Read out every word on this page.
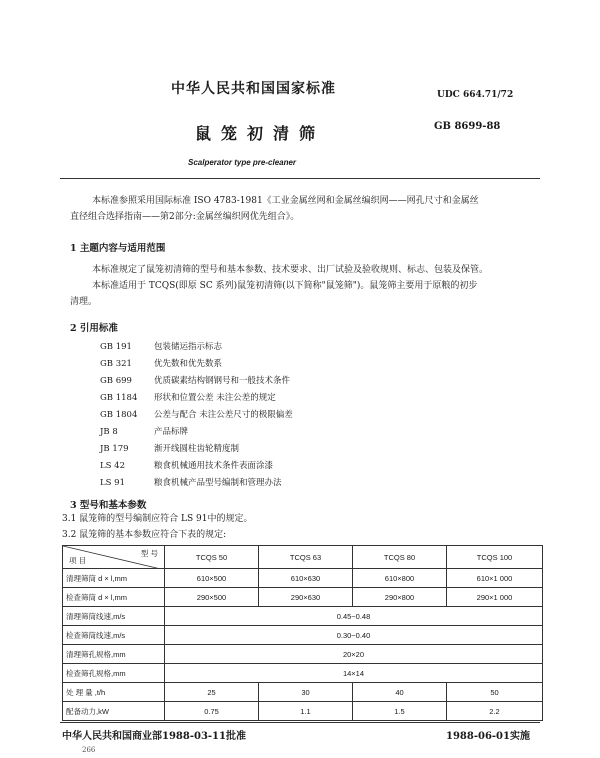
中华人民共和国国家标准	UDC 664.71/72
鼠笼初清筛	GB 8699-88
Scalperator type pre-cleaner
本标准参照采用国际标准 ISO 4783-1981《工业金属丝网和金属丝编织网——网孔尺寸和金属丝
直径组合选择指南——第2部分:金属丝编织网优先组合》。
1 主题内容与适用范围
本标准规定了鼠笼初清筛的型号和基本参数、技术要求、出厂试验及验收规则、标志、包装及保管。
本标准适用于 TCQS(即原 SC 系列)鼠笼初清筛(以下简称"鼠笼筛")。鼠笼筛主要用于原粮的初步
清理。
2 引用标准
GB 191	包装储运指示标志
GB 321	优先数和优先数系
GB 699	优质碳素结构钢钢号和一般技术条件
GB 1184 形状和位置公差 未注公差的规定
GB 1804 公差与配合 未注公差尺寸的极限偏差
JB 8	产品标牌
JB 179	渐开线圆柱齿轮精度制
LS 42	粮食机械通用技术条件表面涂漆
LS 91	粮食机械产品型号编制和管理办法
3 型号和基本参数
3.1 鼠笼筛的型号编制应符合 LS 91中的规定。
3.2 鼠笼筛的基本参数应符合下表的规定:
型 号
项 目	TCQS 50	TCQS 63	TCQS 80	TCQS 100
清理筛筒 d × l,mm	610×500	610×630	610×800	610×1 000
检查筛筒 d × l,mm	290×500	290×630	290×800	290×1 000
清理筛筒线速,m/s	0.45~0.48			
检查筛筒线速,m/s	0.30~0.40			
清理筛孔规格,mm	20×20			
检查筛孔规格,mm	14×14			
处 理 量 ,t/h	25	30	40	50
配备动力,kW	0.75	1.1	1.5	2.2
中华人民共和国商业部1988-03-11批准	1988-06-01实施
266
